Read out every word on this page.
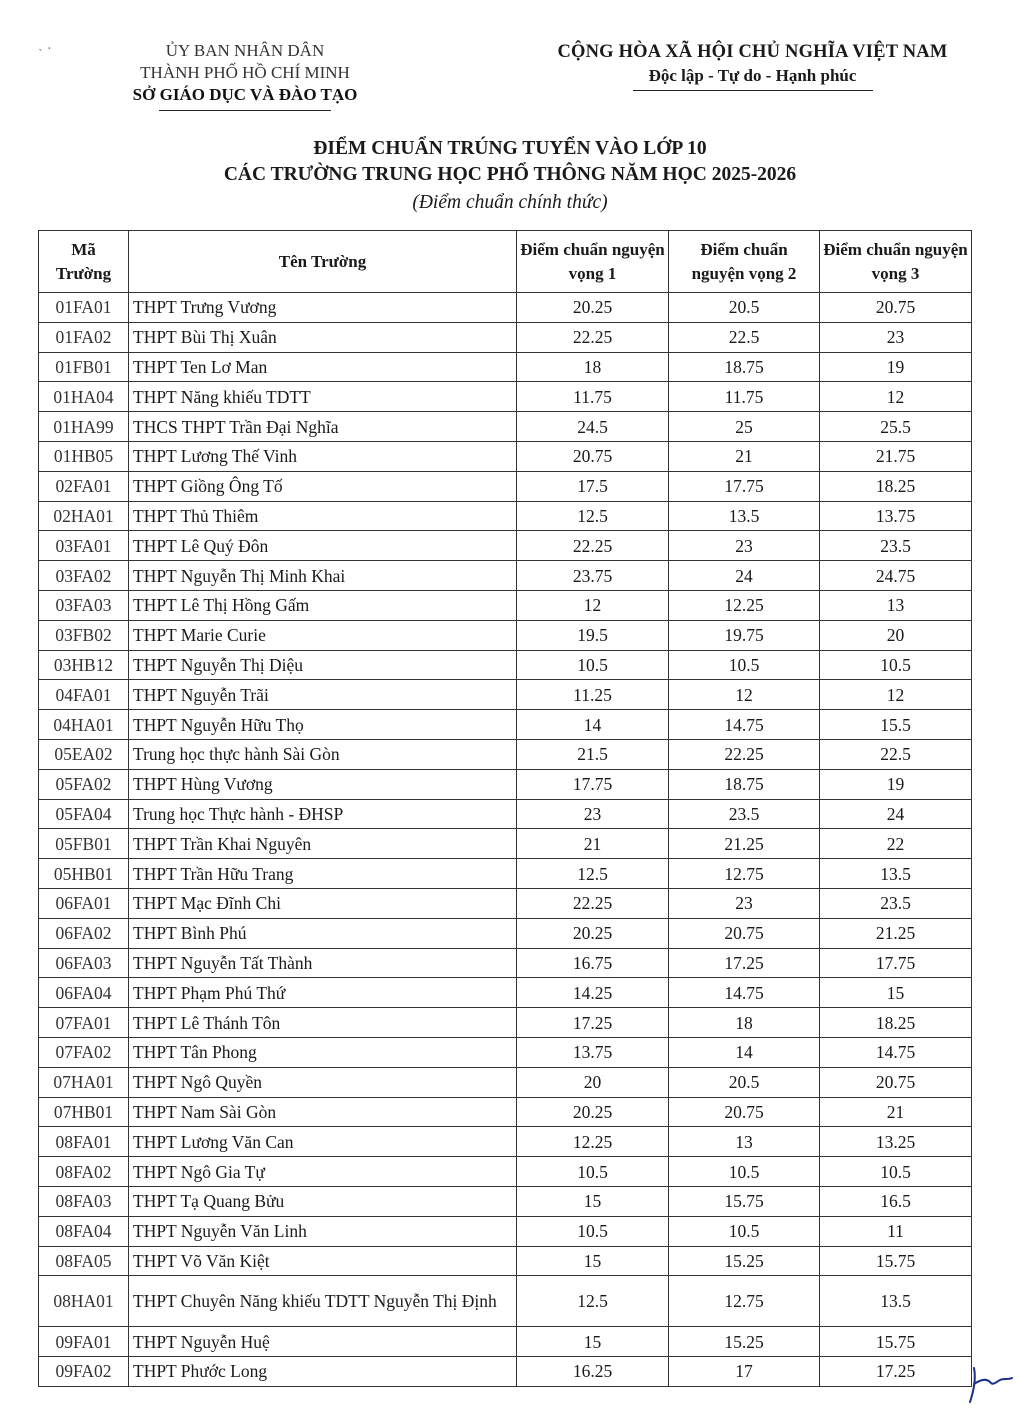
˴ ·	ỦY BAN NHÂN DÂN
THÀNH PHỐ HỒ CHÍ MINH
SỞ GIÁO DỤC VÀ ĐÀO TẠO
CỘNG HÒA XÃ HỘI CHỦ NGHĨA VIỆT NAM
Độc lập - Tự do - Hạnh phúc
ĐIỂM CHUẨN TRÚNG TUYỂN VÀO LỚP 10
CÁC TRƯỜNG TRUNG HỌC PHỔ THÔNG NĂM HỌC 2025-2026
(Điểm chuẩn chính thức)
Mã Trường	Tên Trường	Điểm chuẩn nguyện vọng 1	Điểm chuẩn nguyện vọng 2	Điểm chuẩn nguyện vọng 3
01FA01	THPT Trưng Vương	20.25	20.5	20.75
01FA02	THPT Bùi Thị Xuân	22.25	22.5	23
01FB01	THPT Ten Lơ Man	18	18.75	19
01HA04	THPT Năng khiếu TDTT	11.75	11.75	12
01HA99	THCS THPT Trần Đại Nghĩa	24.5	25	25.5
01HB05	THPT Lương Thế Vinh	20.75	21	21.75
02FA01	THPT Giồng Ông Tố	17.5	17.75	18.25
02HA01	THPT Thủ Thiêm	12.5	13.5	13.75
03FA01	THPT Lê Quý Đôn	22.25	23	23.5
03FA02	THPT Nguyễn Thị Minh Khai	23.75	24	24.75
03FA03	THPT Lê Thị Hồng Gấm	12	12.25	13
03FB02	THPT Marie Curie	19.5	19.75	20
03HB12	THPT Nguyễn Thị Diệu	10.5	10.5	10.5
04FA01	THPT Nguyễn Trãi	11.25	12	12
04HA01	THPT Nguyễn Hữu Thọ	14	14.75	15.5
05EA02	Trung học thực hành Sài Gòn	21.5	22.25	22.5
05FA02	THPT Hùng Vương	17.75	18.75	19
05FA04	Trung học Thực hành - ĐHSP	23	23.5	24
05FB01	THPT Trần Khai Nguyên	21	21.25	22
05HB01	THPT Trần Hữu Trang	12.5	12.75	13.5
06FA01	THPT Mạc Đĩnh Chi	22.25	23	23.5
06FA02	THPT Bình Phú	20.25	20.75	21.25
06FA03	THPT Nguyễn Tất Thành	16.75	17.25	17.75
06FA04	THPT Phạm Phú Thứ	14.25	14.75	15
07FA01	THPT Lê Thánh Tôn	17.25	18	18.25
07FA02	THPT Tân Phong	13.75	14	14.75
07HA01	THPT Ngô Quyền	20	20.5	20.75
07HB01	THPT Nam Sài Gòn	20.25	20.75	21
08FA01	THPT Lương Văn Can	12.25	13	13.25
08FA02	THPT Ngô Gia Tự	10.5	10.5	10.5
08FA03	THPT Tạ Quang Bửu	15	15.75	16.5
08FA04	THPT Nguyễn Văn Linh	10.5	10.5	11
08FA05	THPT Võ Văn Kiệt	15	15.25	15.75
08HA01	THPT Chuyên Năng khiếu TDTT Nguyễn Thị Định	12.5	12.75	13.5
09FA01	THPT Nguyễn Huệ	15	15.25	15.75
09FA02	THPT Phước Long	16.25	17	17.25
